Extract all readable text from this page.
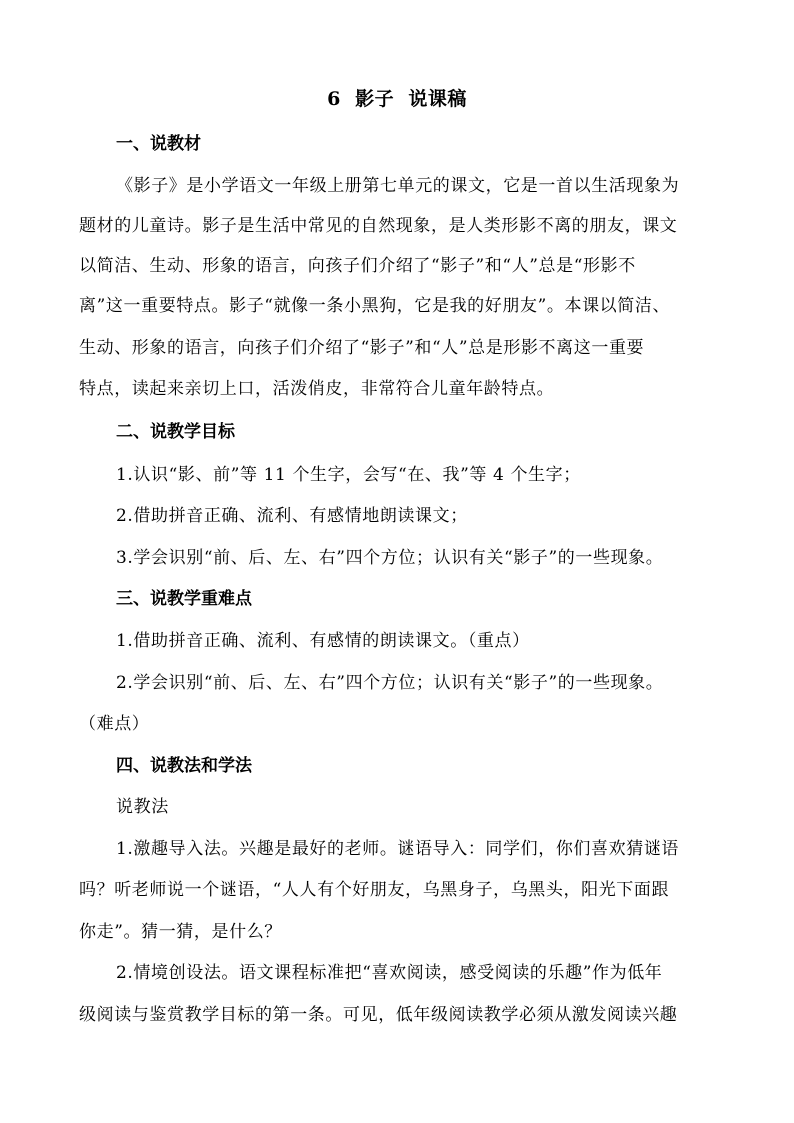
6  影子  说课稿
一、说教材
《影子》是小学语文一年级上册第七单元的课文，它是一首以生活现象为
题材的儿童诗。影子是生活中常见的自然现象，是人类形影不离的朋友，课文
以简洁、生动、形象的语言，向孩子们介绍了“影子”和“人”总是“形影不
离”这一重要特点。影子“就像一条小黑狗，它是我的好朋友”。本课以简洁、
生动、形象的语言，向孩子们介绍了“影子”和“人”总是形影不离这一重要
特点，读起来亲切上口，活泼俏皮，非常符合儿童年龄特点。
二、说教学目标
1.认识“影、前”等 11 个生字，会写“在、我”等 4 个生字；
2.借助拼音正确、流利、有感情地朗读课文；
3.学会识别“前、后、左、右”四个方位；认识有关“影子”的一些现象。
三、说教学重难点
1.借助拼音正确、流利、有感情的朗读课文。（重点）
2.学会识别“前、后、左、右”四个方位；认识有关“影子”的一些现象。
（难点）
四、说教法和学法
说教法
1.激趣导入法。兴趣是最好的老师。谜语导入：同学们，你们喜欢猜谜语
吗？听老师说一个谜语，“人人有个好朋友，乌黑身子，乌黑头，阳光下面跟
你走”。猜一猜，是什么？
2.情境创设法。语文课程标准把“喜欢阅读，感受阅读的乐趣”作为低年
级阅读与鉴赏教学目标的第一条。可见，低年级阅读教学必须从激发阅读兴趣
